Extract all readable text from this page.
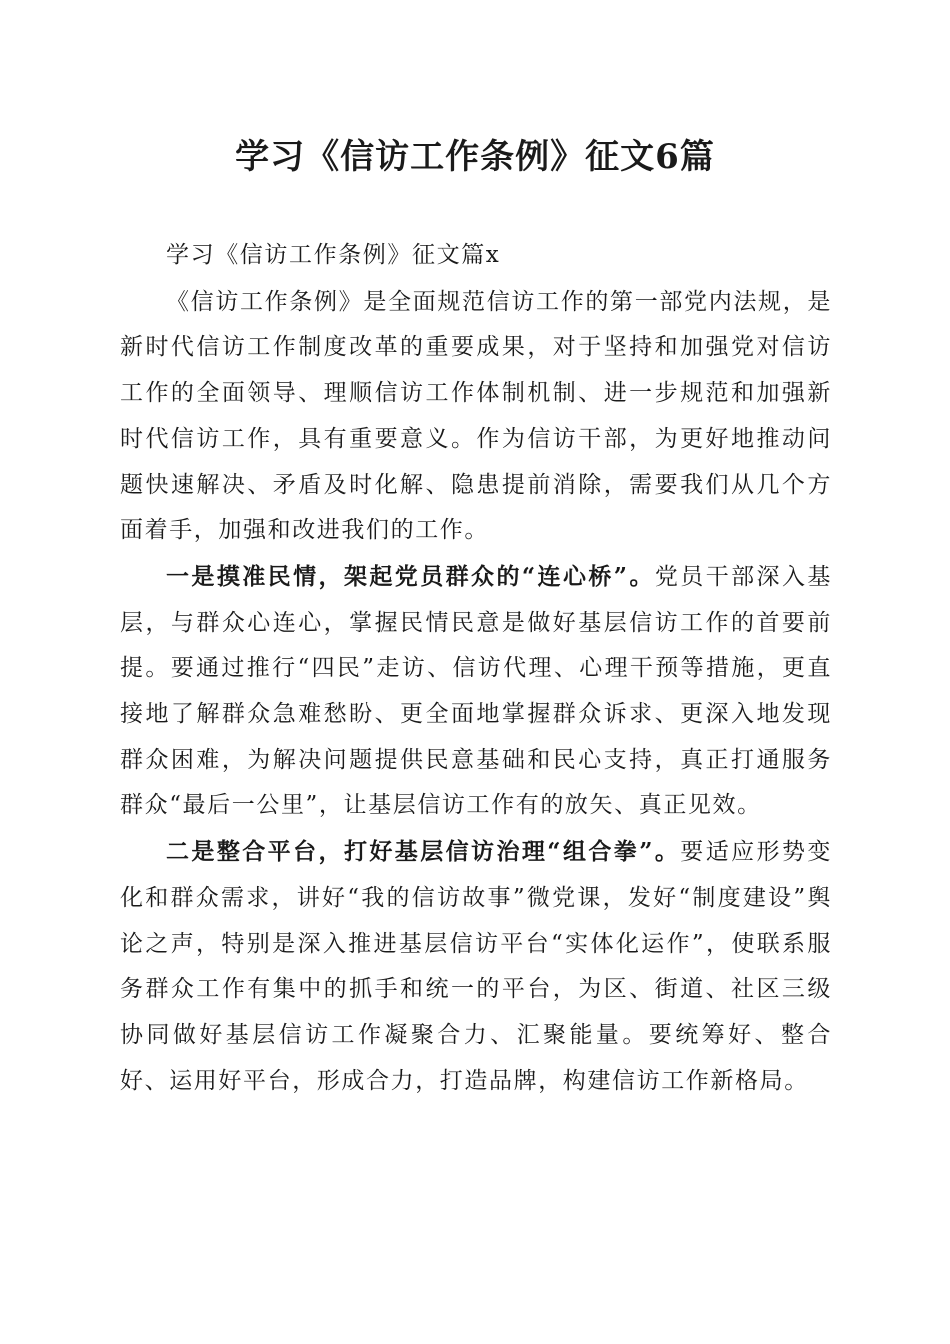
学习《信访工作条例》征文6篇

学习《信访工作条例》征文篇x

《信访工作条例》是全面规范信访工作的第一部党内法规，是新时代信访工作制度改革的重要成果，对于坚持和加强党对信访工作的全面领导、理顺信访工作体制机制、进一步规范和加强新时代信访工作，具有重要意义。作为信访干部，为更好地推动问题快速解决、矛盾及时化解、隐患提前消除，需要我们从几个方面着手，加强和改进我们的工作。

一是摸准民情，架起党员群众的“连心桥”。党员干部深入基层，与群众心连心，掌握民情民意是做好基层信访工作的首要前提。要通过推行“四民”走访、信访代理、心理干预等措施，更直接地了解群众急难愁盼、更全面地掌握群众诉求、更深入地发现群众困难，为解决问题提供民意基础和民心支持，真正打通服务群众“最后一公里”，让基层信访工作有的放矢、真正见效。

二是整合平台，打好基层信访治理“组合拳”。要适应形势变化和群众需求，讲好“我的信访故事”微党课，发好“制度建设”舆论之声，特别是深入推进基层信访平台“实体化运作”，使联系服务群众工作有集中的抓手和统一的平台，为区、街道、社区三级协同做好基层信访工作凝聚合力、汇聚能量。要统筹好、整合好、运用好平台，形成合力，打造品牌，构建信访工作新格局。
